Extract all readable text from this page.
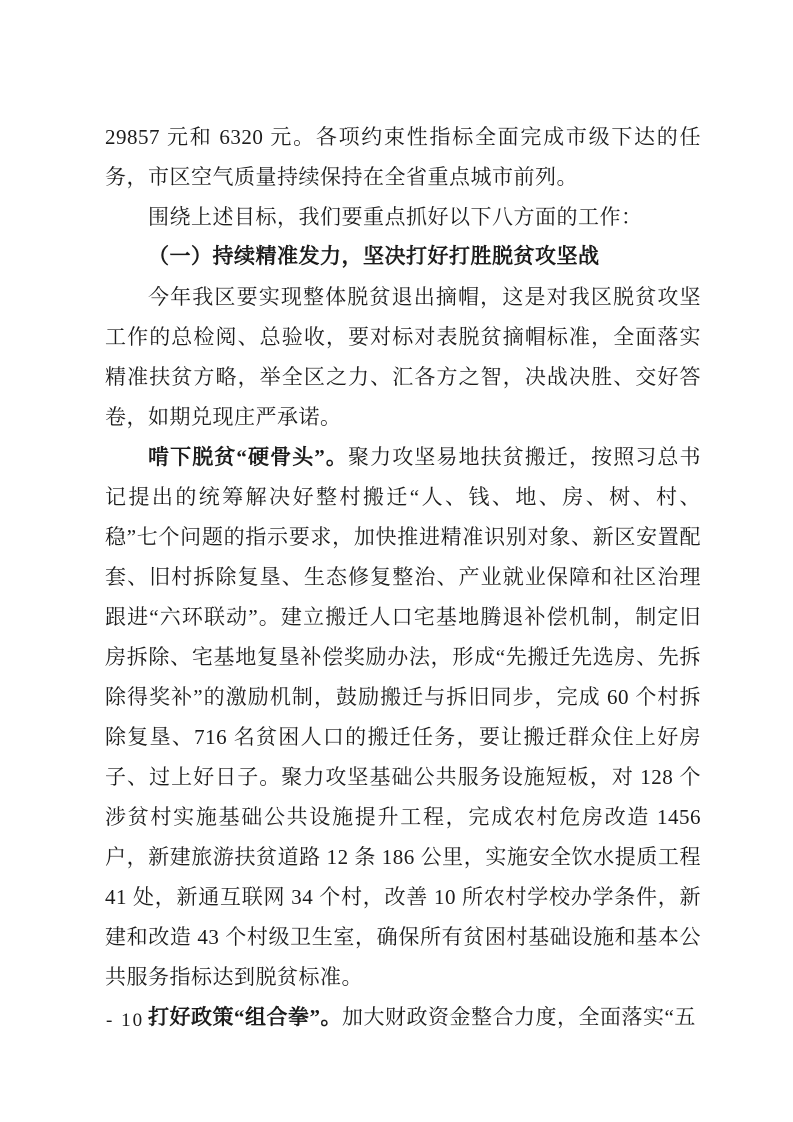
29857 元和 6320 元。各项约束性指标全面完成市级下达的任务，市区空气质量持续保持在全省重点城市前列。

围绕上述目标，我们要重点抓好以下八方面的工作：

（一）持续精准发力，坚决打好打胜脱贫攻坚战

今年我区要实现整体脱贫退出摘帽，这是对我区脱贫攻坚工作的总检阅、总验收，要对标对表脱贫摘帽标准，全面落实精准扶贫方略，举全区之力、汇各方之智，决战决胜、交好答卷，如期兑现庄严承诺。

啃下脱贫“硬骨头”。聚力攻坚易地扶贫搬迁，按照习总书记提出的统筹解决好整村搬迁“人、钱、地、房、树、村、稳”七个问题的指示要求，加快推进精准识别对象、新区安置配套、旧村拆除复垦、生态修复整治、产业就业保障和社区治理跟进“六环联动”。建立搬迁人口宅基地腾退补偿机制，制定旧房拆除、宅基地复垦补偿奖励办法，形成“先搬迁先选房、先拆除得奖补”的激励机制，鼓励搬迁与拆旧同步，完成 60 个村拆除复垦、716 名贫困人口的搬迁任务，要让搬迁群众住上好房子、过上好日子。聚力攻坚基础公共服务设施短板，对 128 个涉贫村实施基础公共设施提升工程，完成农村危房改造 1456 户，新建旅游扶贫道路 12 条 186 公里，实施安全饮水提质工程 41 处，新通互联网 34 个村，改善 10 所农村学校办学条件，新建和改造 43 个村级卫生室，确保所有贫困村基础设施和基本公共服务指标达到脱贫标准。

打好政策“组合拳”。加大财政资金整合力度，全面落实“五

- 10 -
